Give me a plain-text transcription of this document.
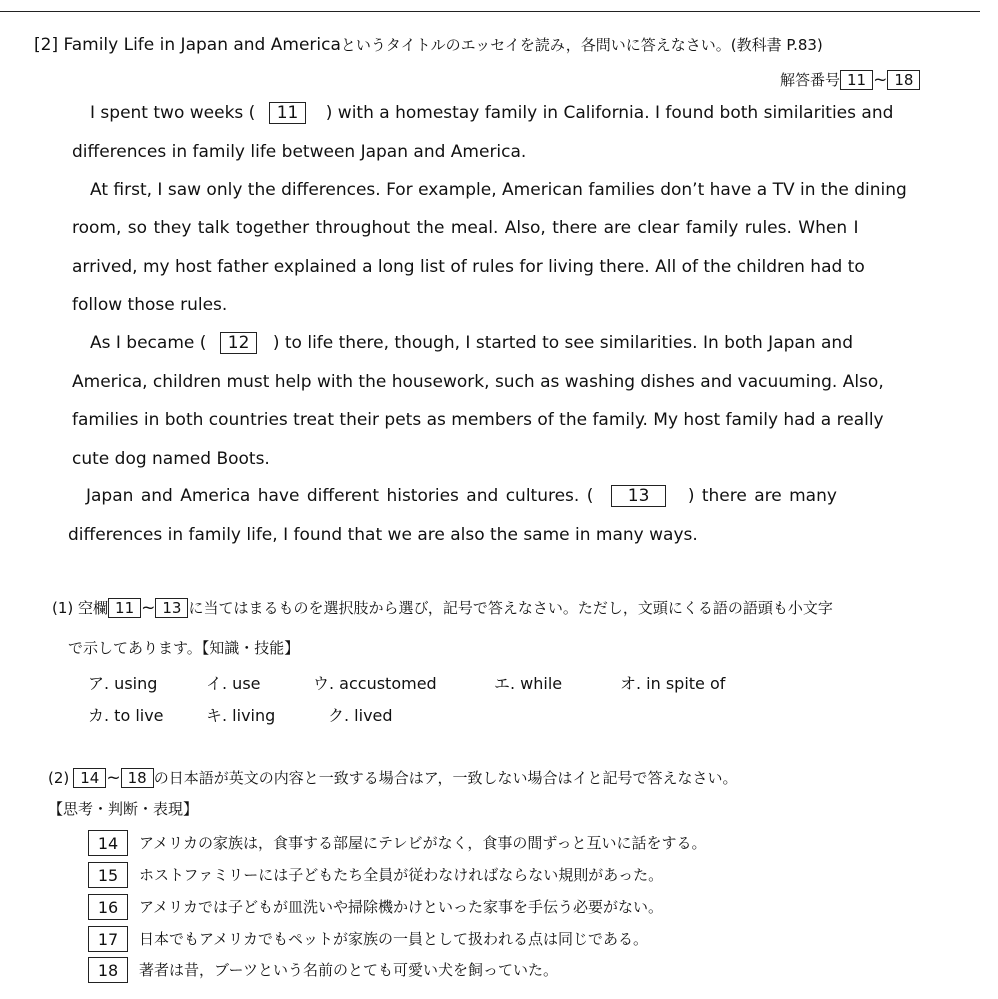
[2] Family Life in Japan and Americaというタイトルのエッセイを読み，各問いに答えなさい。(教科書 P.83)
解答番号 11 ~ 18
I spent two weeks ( 11 ) with a homestay family in California. I found both similarities and
differences in family life between Japan and America.
At first, I saw only the differences. For example, American families don’t have a TV in the dining
room, so they talk together throughout the meal. Also, there are clear family rules. When I
arrived, my host father explained a long list of rules for living there. All of the children had to
follow those rules.
As I became ( 12 ) to life there, though, I started to see similarities. In both Japan and
America, children must help with the housework, such as washing dishes and vacuuming. Also,
families in both countries treat their pets as members of the family. My host family had a really
cute dog named Boots.
Japan and America have different histories and cultures. ( 13 ) there are many
differences in family life, I found that we are also the same in many ways.
(1) 空欄 11 ~ 13 に当てはまるものを選択肢から選び，記号で答えなさい。ただし，文頭にくる語の語頭も小文字
で示してあります。【知識・技能】
ア. using	イ. use	ウ. accustomed	エ. while	オ. in spite of
カ. to live	キ. living	ク. lived
(2) 14 ~ 18 の日本語が英文の内容と一致する場合はア，一致しない場合はイと記号で答えなさい。
【思考・判断・表現】
14	アメリカの家族は，食事する部屋にテレビがなく，食事の間ずっと互いに話をする。
15	ホストファミリーには子どもたち全員が従わなければならない規則があった。
16	アメリカでは子どもが皿洗いや掃除機かけといった家事を手伝う必要がない。
17	日本でもアメリカでもペットが家族の一員として扱われる点は同じである。
18	著者は昔，ブーツという名前のとても可愛い犬を飼っていた。
